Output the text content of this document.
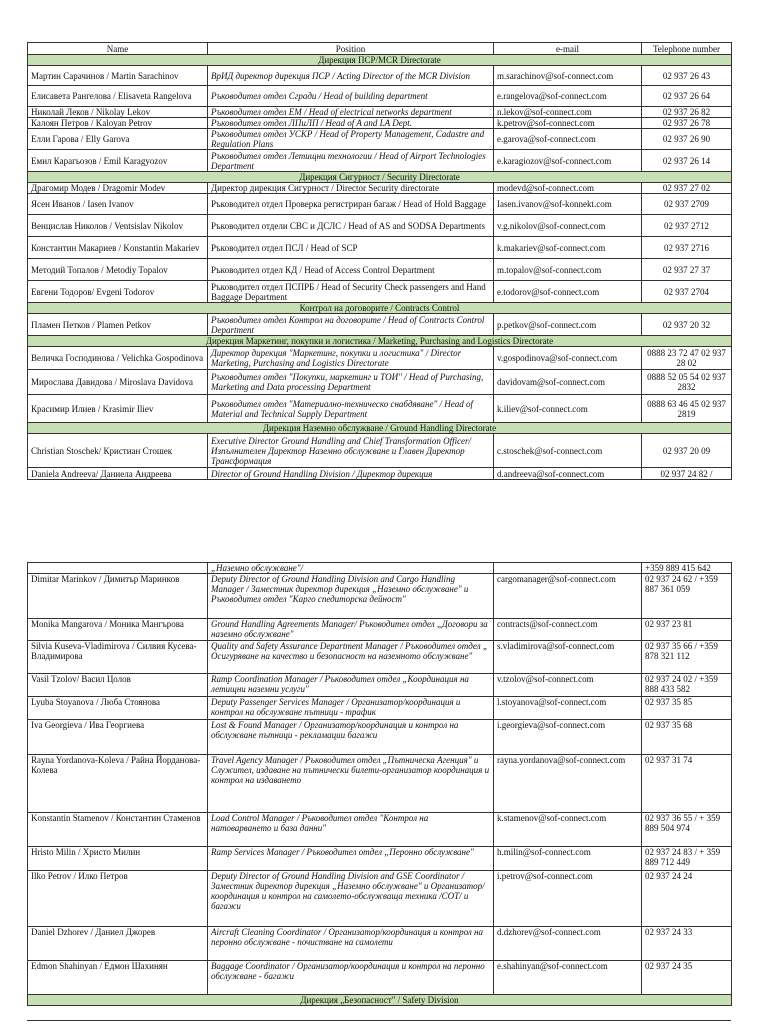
Name	Position	e-mail	Telephone number
Дирекция ПСР/MCR Directorate			
Мартин Сарачинов / Martin Sarachinov	ВрИД директор дирекция ПСР / Acting Director of the MCR Division	m.sarachinov@sof-connect.com	02 937 26 43
Елисавета Рангелова / Elisaveta Rangelova	Ръководител отдел Сгради / Head of building department	e.rangelova@sof-connect.com	02 937 26 64
Николай Леков / Nikolay Lekov	Ръководител отдел ЕМ / Head of electrical networks department	n.lekov@sof-connect.com	02 937 26 82
Калоян Петров / Kaloyan Petrov	Ръководител отдел ЛПиЛП / Head of A and LA Dept.	k.petrov@sof-connect.com	02 937 26 78
Елли Гарова / Elly Garova	Ръководител отдел УСКР / Head of Property Management, Cadastre and Regulation Plans	e.garova@sof-connect.com	02 937 26 90
Емил Карагьозов / Emil Karagyozov	Ръководител отдел Летищни технологии / Head of Airport Technologies Department	e.karagiozov@sof-connect.com	02 937 26 14
Дирекция Сигурност / Security Directorate			
Драгомир Модев / Dragomir Modev	Директор дирекция Сигурност / Director Security directorate	modevd@sof-connect.com	02 937 27 02
Ясен Иванов / Iasen Ivanov	Ръководител отдел Проверка регистриран багаж / Head of Hold Baggage	Iasen.ivanov@sof-konnekt.com	02 937 2709
Венцислав Николов / Ventsislav Nikolov	Ръководител отдели СВС и ДСЛС / Head of AS and SODSA Departments	v.g.nikolov@sof-connect.com	02 937 2712
Константин Макариев / Konstantin Makariev	Ръководител отдел ПСЛ / Head of SCP	k.makariev@sof-connect.com	02 937 2716
Методий Топалов / Metodiy Topalov	Ръководител отдел КД / Head of Access Control Department	m.topalov@sof-connect.com	02 937 27 37
Евгени Тодоров/ Evgeni Todorov	Ръководител отдел ПСПРБ / Head of Security Check passengers and Hand Baggage Department	e.todorov@sof-connect.com	02 937 2704
Контрол на договорите / Contracts Control			
Пламен Петков / Plamen Petkov	Ръководител отдел Контрол на договорите / Head of Contracts Control Department	p.petkov@sof-connect.com	02 937 20 32
Дирекция Маркетинг, покупки и логистика / Marketing, Purchasing and Logistics Directorate			
Величка Господинова / Velichka Gospodinova	Директор дирекция "Маркетинг, покупки и логистика" / Director Marketing, Purchasing and Logistics Directorate	v.gospodinova@sof-connect.com	0888 23 72 47 02 937 28 02
Мирослава Давидова / Miroslava Davidova	Ръководител отдел "Покупки, маркетинг и ТОИ" / Head of Purchasing, Marketing and Data processing Department	davidovam@sof-connect.com	0888 52 05 54 02 937 2832
Красимир Илиев / Krasimir Iliev	Ръководител отдел "Материално-техническо снабдяване" / Head of Material and Technical Supply Department	k.iliev@sof-connect.com	0888 63 46 45 02 937 2819
Дирекция Наземно обслужване / Ground Handling Directorate			
Christian Stoschek/ Кристиан Стошек	Executive Director Ground Handling and Chief Transformation Officer/ Изпълнителен Директор Наземно обслужване и Главен Директор Трансформация	c.stoschek@sof-connect.com	02 937 20 09
Daniela Andreeva/ Даниела Андреева	Director of Ground Handling Division / Директор дирекция	d.andreeva@sof-connect.com	02 937 24 82 /
	„Наземно обслужване"/		+359 889 415 642
Dimitar Marinkov / Димитър Маринков	Deputy Director of Ground Handling Division and Cargo Handling Manager / Заместник директор дирекция „Наземно обслужване" и Ръководител отдел "Карго спедиторска дейност"	cargomanager@sof-connect.com	02 937 24 62 / +359 887 361 059
Monika Mangarova / Моника Мангърова	Ground Handling Agreements Manager/ Ръководител отдел „Договори за наземно обслужване"	contracts@sof-connect.com	02 937 23 81
Silvia Kuseva-Vladimirova / Силвия Кусева-Владимирова	Quality and Safety Assurance Department Manager / Ръководител отдел „ Осигуряване на качество и безопасност на наземното обслужване"	s.vladimirova@sof-connect.com	02 937 35 66 / +359 878 321 112
Vasil Tzolov/ Васил Цолов	Ramp Coordination Manager / Ръководител отдел „Координация на летищни наземни услуги"	v.tzolov@sof-connect.com	02 937 24 02 / +359 888 433 582
Lyuba Stoyanova / Люба Стоянова	Deputy Passenger Services Manager / Организатор/координация и контрол на обслужване пътници - трафик	l.stoyanova@sof-connect.com	02 937 35 85
Iva Georgieva / Ива Георгиева	Lost & Found Manager / Организатор/координация и контрол на обслужване пътници - рекламации багажи	i.georgieva@sof-connect.com	02 937 35 68
Rayna Yordanova-Koleva / Райна Йорданова-Колева	Travel Agency Manager / Ръководител отдел „Пътническа Агенция" и Служител, издаване на пътнически билети-организатор координация и контрол на издаването	rayna.yordanova@sof-connect.com	02 937 31 74
Konstantin Stamenov / Константин Стаменов	Load Control Manager / Ръководител отдел "Контрол на натоварването и база данни"	k.stamenov@sof-connect.com	02 937 36 55 / + 359 889 504 974
Hristo Milin / Христо Милин	Ramp Services Manager / Ръководител отдел „Перонно обслужване"	h.milin@sof-connect.com	02 937 24 83 / + 359 889 712 449
Ilko Petrov / Илко Петров	Deputy Director of Ground Handling Division and GSE Coordinator / Заместник директор дирекция „Наземно обслужване" и Организатор/координация и контрол на самолето-обслужваща техника /СОТ/ и багажи	i.petrov@sof-connect.com	02 937 24 24
Daniel Dzhorev / Даниел Джорев	Aircraft Cleaning Coordinator / Организатор/координация и контрол на перонно обслужване - почистване на самолети	d.dzhorev@sof-connect.com	02 937 24 33
Edmon Shahinyan / Едмон Шахинян	Baggage Coordinator / Организатор/координация и контрол на перонно обслужване - багажи	e.shahinyan@sof-connect.com	02 937 24 35
Дирекция „Безопасност" / Safety Division			
